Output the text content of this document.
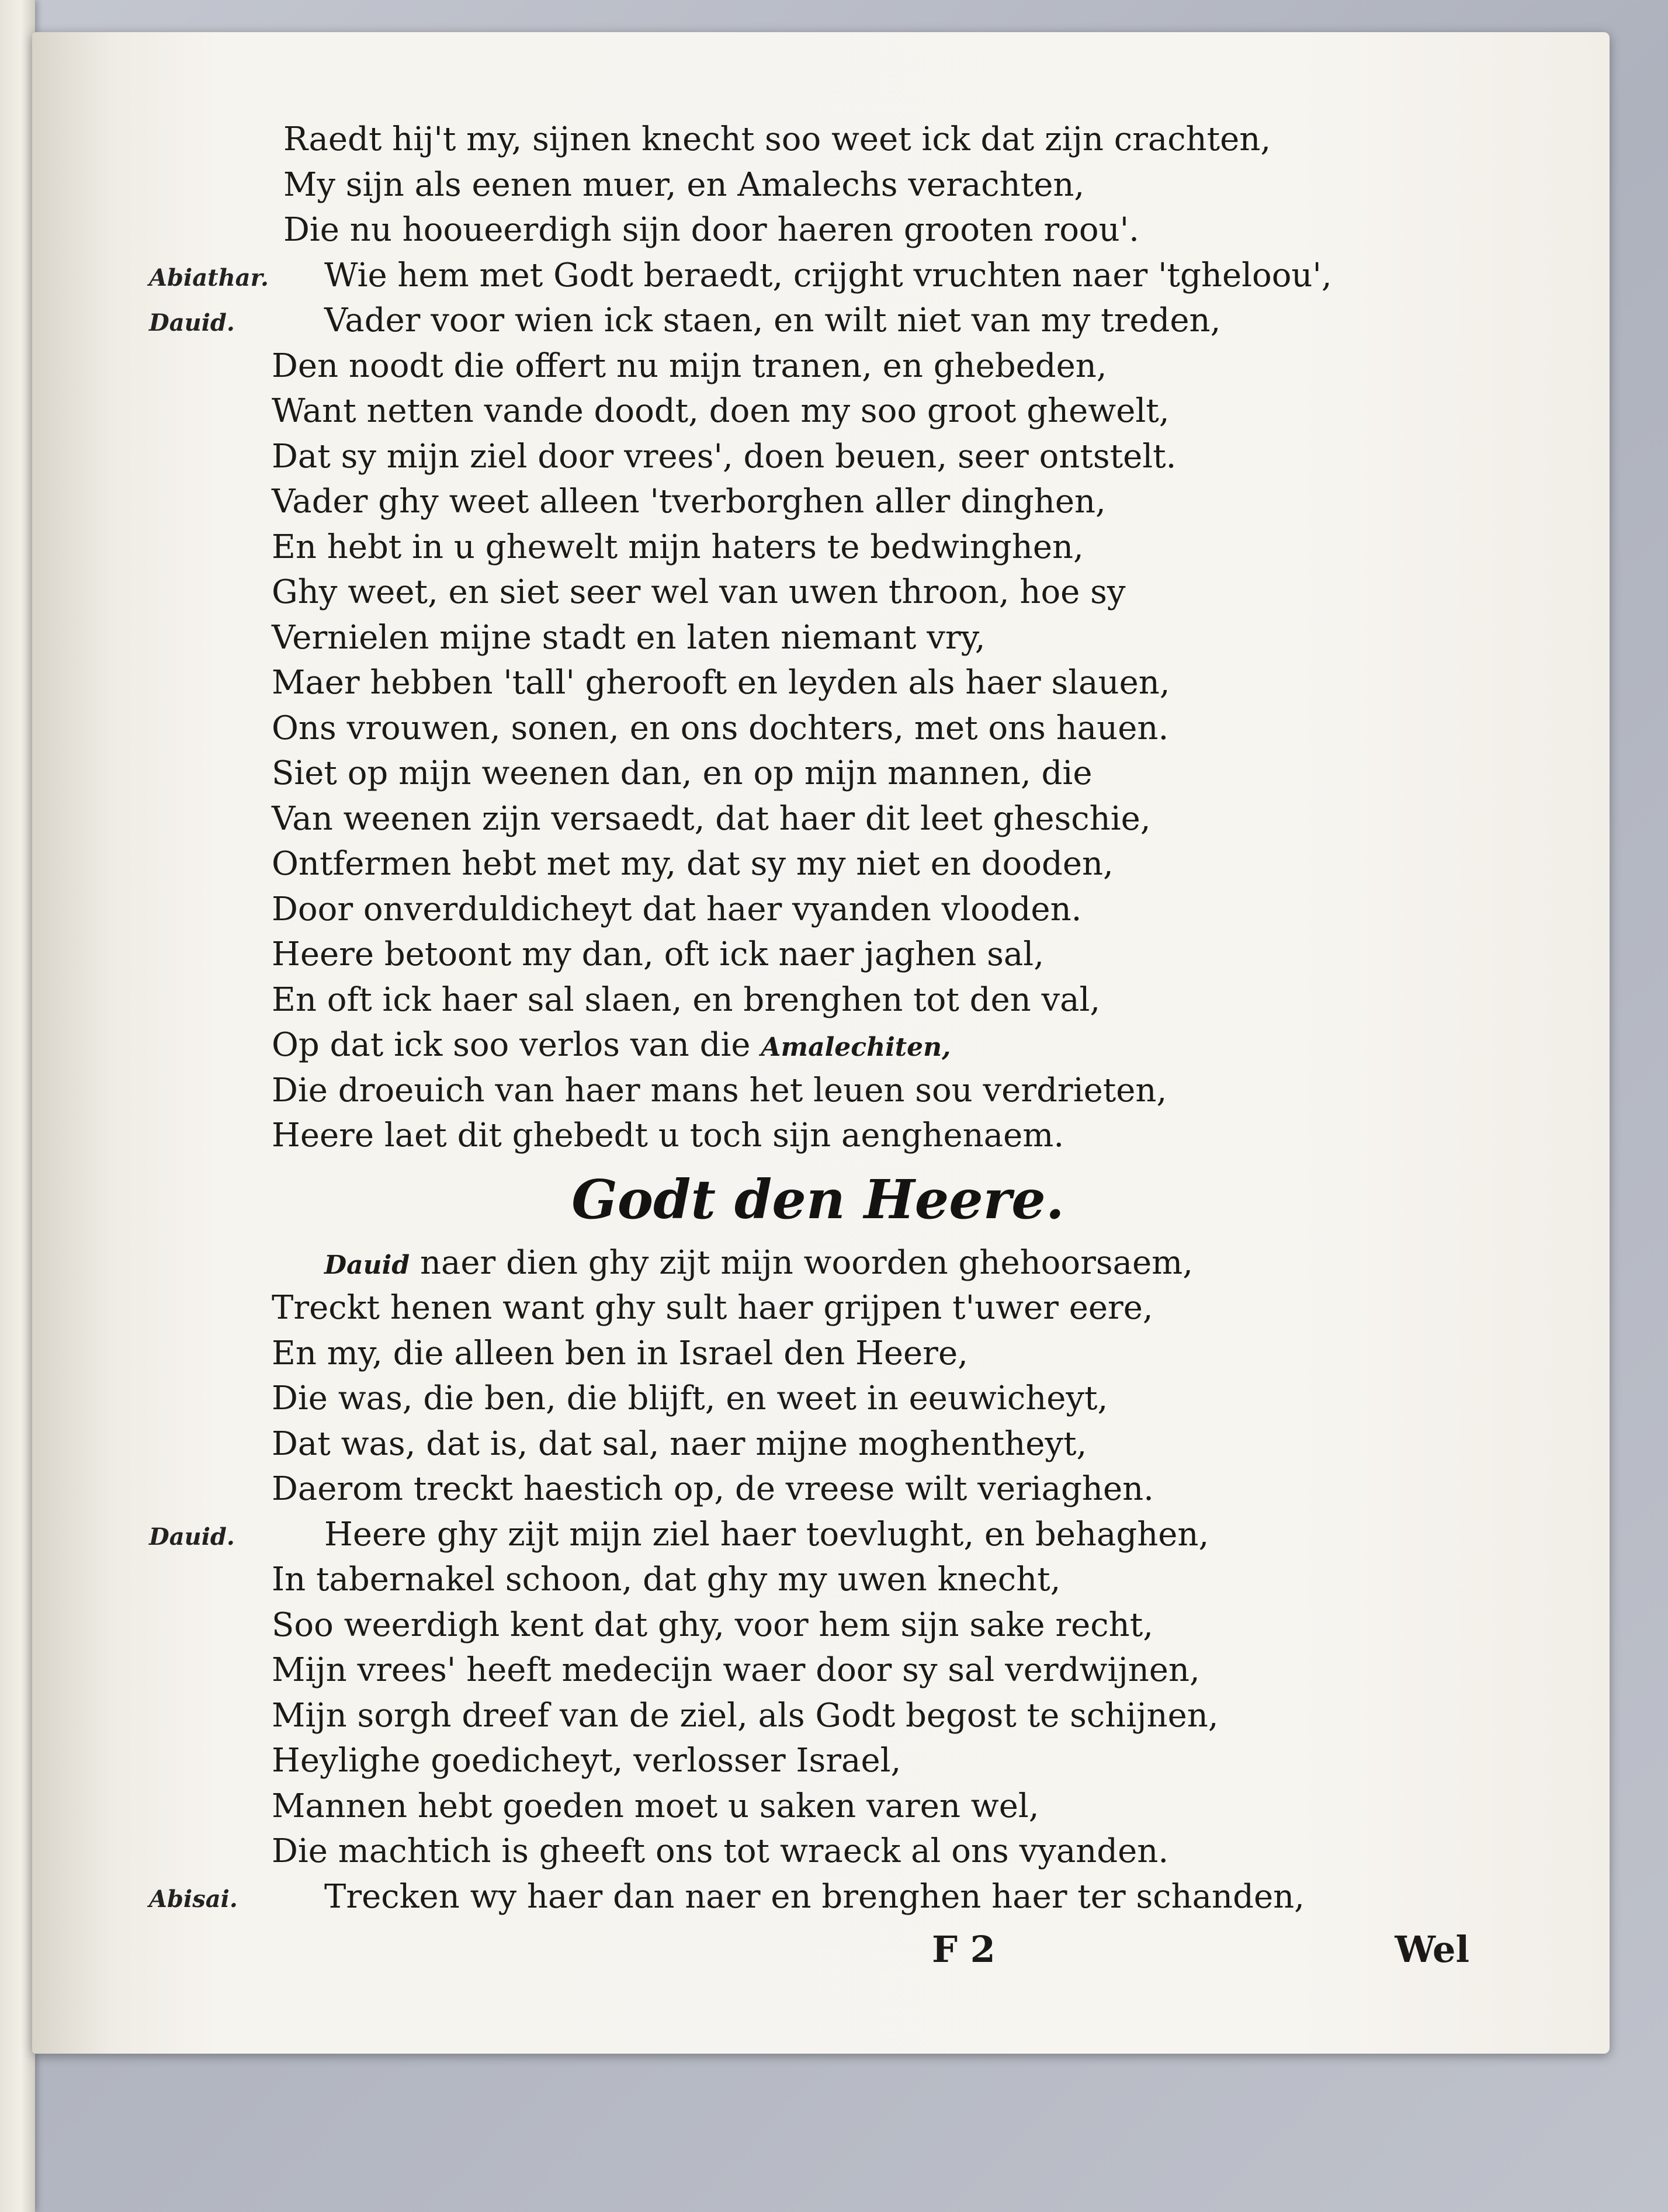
Raedt hij't my, sijnen knecht soo weet ick dat zijn crachten,
My sijn als eenen muer, en Amalechs verachten,
Die nu hooueerdigh sijn door haeren grooten roou'.
Abiathar. Wie hem met Godt beraedt, crijght vruchten naer 'tgheloou',
Dauid.	Vader voor wien ick staen, en wilt niet van my treden,
Den noodt die offert nu mijn tranen, en ghebeden,
Want netten vande doodt, doen my soo groot ghewelt,
Dat sy mijn ziel door vrees', doen beuen, seer ontstelt.
Vader ghy weet alleen 'tverborghen aller dinghen,
En hebt in u ghewelt mijn haters te bedwinghen,
Ghy weet, en siet seer wel van uwen throon, hoe sy
Vernielen mijne stadt en laten niemant vry,
Maer hebben 'tall' gherooft en leyden als haer slauen,
Ons vrouwen, sonen, en ons dochters, met ons hauen.
Siet op mijn weenen dan, en op mijn mannen, die
Van weenen zijn versaedt, dat haer dit leet gheschie,
Ontfermen hebt met my, dat sy my niet en dooden,
Door onverduldicheyt dat haer vyanden vlooden.
Heere betoont my dan, oft ick naer jaghen sal,
En oft ick haer sal slaen, en brenghen tot den val,
Op dat ick soo verlos van die Amalechiten,
Die droeuich van haer mans het leuen sou verdrieten,
Heere laet dit ghebedt u toch sijn aenghenaem.
Godt den Heere.
Dauid naer dien ghy zijt mijn woorden ghehoorsaem,
Treckt henen want ghy sult haer grijpen t'uwer eere,
En my, die alleen ben in Israel den Heere,
Die was, die ben, die blijft, en weet in eeuwicheyt,
Dat was, dat is, dat sal, naer mijne moghentheyt,
Daerom treckt haestich op, de vreese wilt veriaghen.
Dauid.	Heere ghy zijt mijn ziel haer toevlught, en behaghen,
In tabernakel schoon, dat ghy my uwen knecht,
Soo weerdigh kent dat ghy, voor hem sijn sake recht,
Mijn vrees' heeft medecijn waer door sy sal verdwijnen,
Mijn sorgh dreef van de ziel, als Godt begost te schijnen,
Heylighe goedicheyt, verlosser Israel,
Mannen hebt goeden moet u saken varen wel,
Die machtich is gheeft ons tot wraeck al ons vyanden.
Abisai.	Trecken wy haer dan naer en brenghen haer ter schanden,
F 2	Wel
